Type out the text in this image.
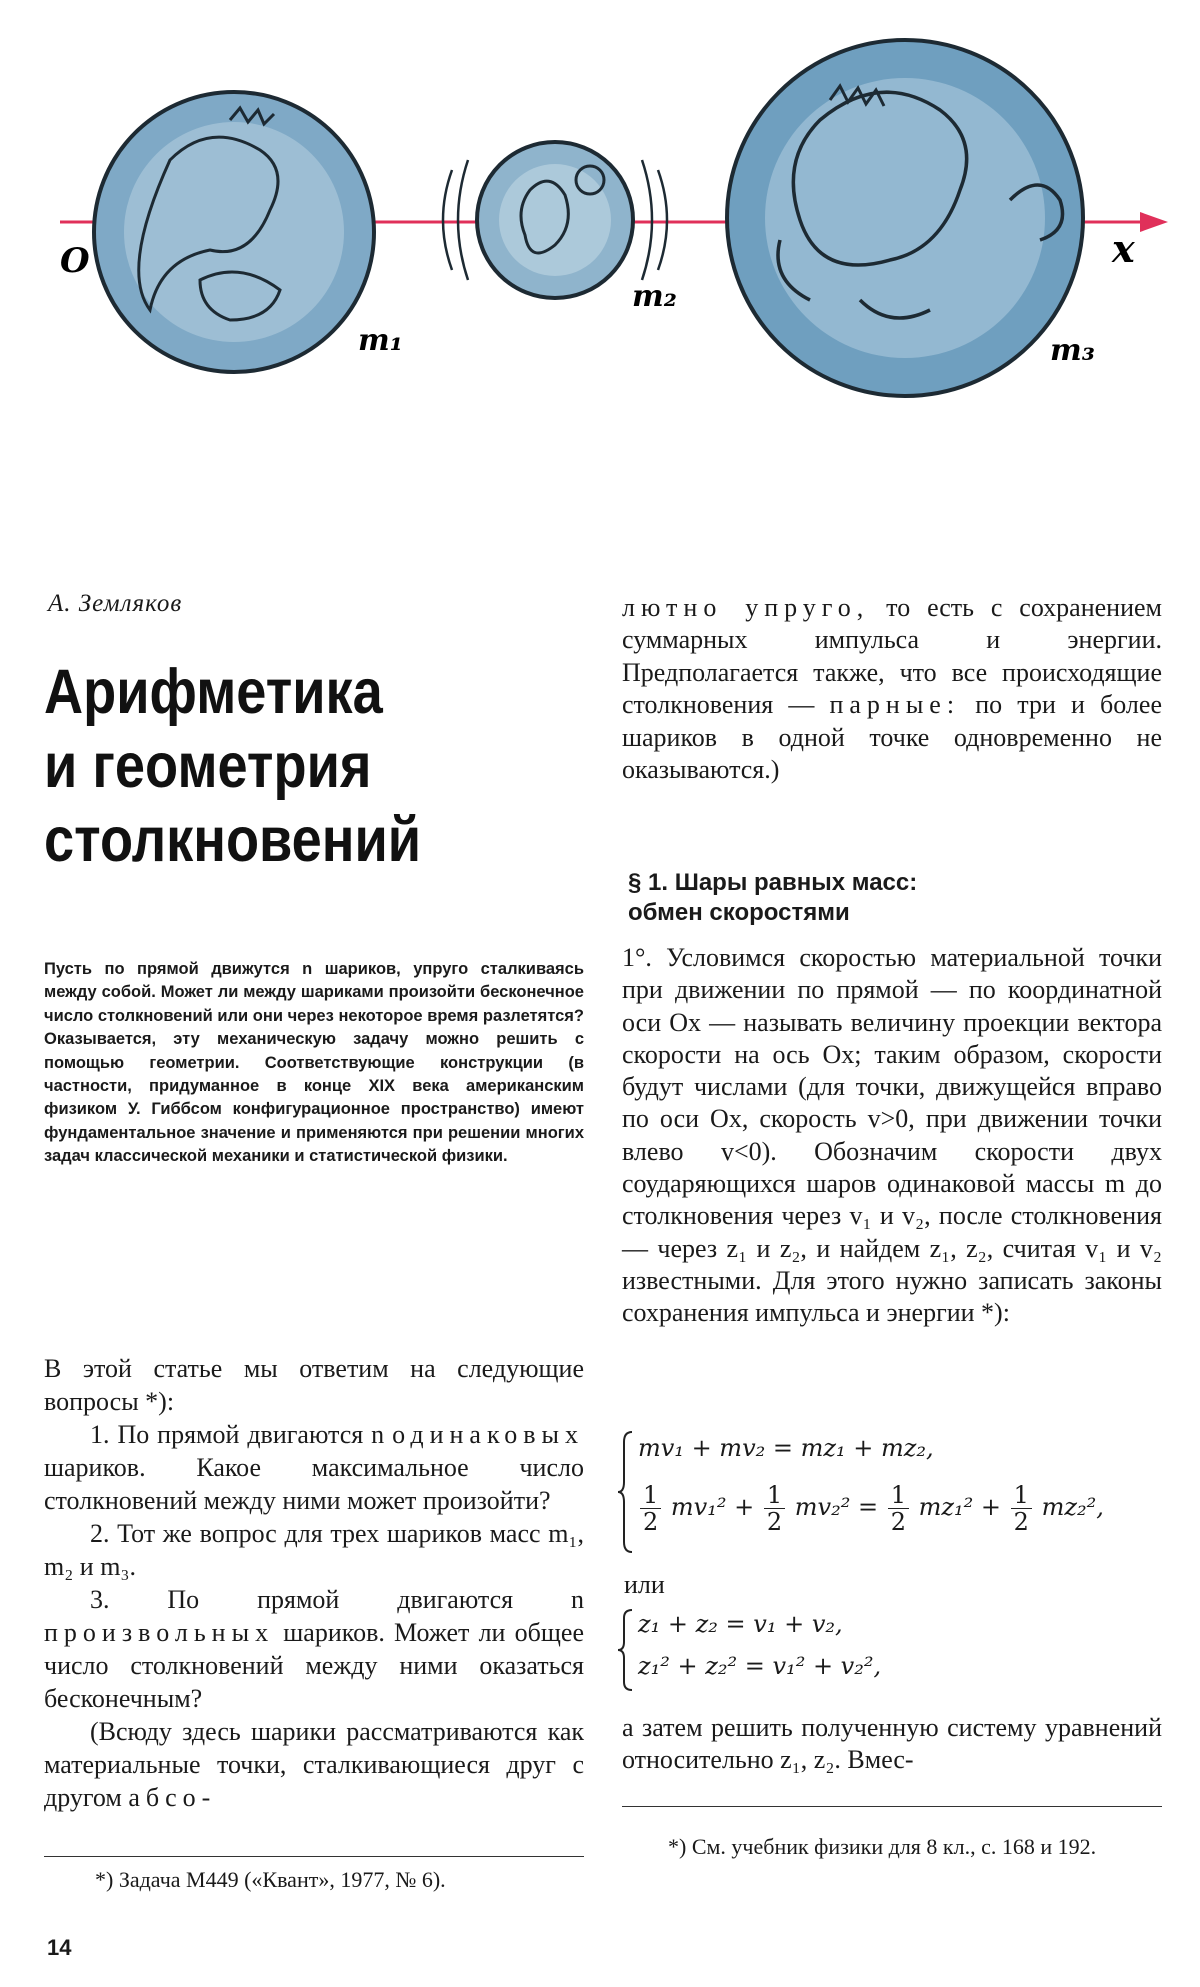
O	x
m₁
m₂
m₃
А. Земляков
Арифметика
и геометрия
столкновений
Пусть по прямой движутся n шариков, упруго сталкиваясь между собой. Может ли между шариками произойти бесконечное число столкновений или они через некоторое время разлетятся? Оказывается, эту механическую задачу можно решить с помощью геометрии. Соответствующие конструкции (в частности, придуманное в конце XIX века американским физиком У. Гиббсом конфигурационное пространство) имеют фундаментальное значение и применяются при решении многих задач классической механики и статистической физики.

В этой статье мы ответим на следующие вопросы *):

1. По прямой двигаются n одинаковых шариков. Какое максимальное число столкновений между ними может произойти?

2. Тот же вопрос для трех шариков масс m₁, m₂ и m₃.

3. По прямой двигаются n произвольных шариков. Может ли общее число столкновений между ними оказаться бесконечным?

(Всюду здесь шарики рассматриваются как материальные точки, сталкивающиеся друг с другом абсо-

*) Задача М449 («Квант», 1977, № 6).
14

лютно упруго, то есть с сохранением суммарных импульса и энергии. Предполагается также, что все происходящие столкновения — парные: по три и более шариков в одной точке одновременно не оказываются.)

§ 1. Шары равных масс:
обмен скоростями

1°. Условимся скоростью материальной точки при движении по прямой — по координатной оси Ox — называть величину проекции вектора скорости на ось Ox; таким образом, скорости будут числами (для точки, движущейся вправо по оси Ox, скорость v>0, при движении точки влево v<0). Обозначим скорости двух соударяющихся шаров одинаковой массы m до столкновения через v₁ и v₂, после столкновения — через z₁ и z₂, и найдем z₁, z₂, считая v₁ и v₂ известными. Для этого нужно записать законы сохранения импульса и энергии *):

mv₁ + mv₂ = mz₁ + mz₂,
$\frac{1}{2} mv_1^2 + \frac{1}{2} mv_2^2 = \frac{1}{2} mz_1^2 + \frac{1}{2} mz_2^2$,
или
z₁ + z₂ = v₁ + v₂,
z₁² + z₂² = v₁² + v₂²,

а затем решить полученную систему уравнений относительно z₁, z₂. Вмес-

*) См. учебник физики для 8 кл., с. 168 и 192.
